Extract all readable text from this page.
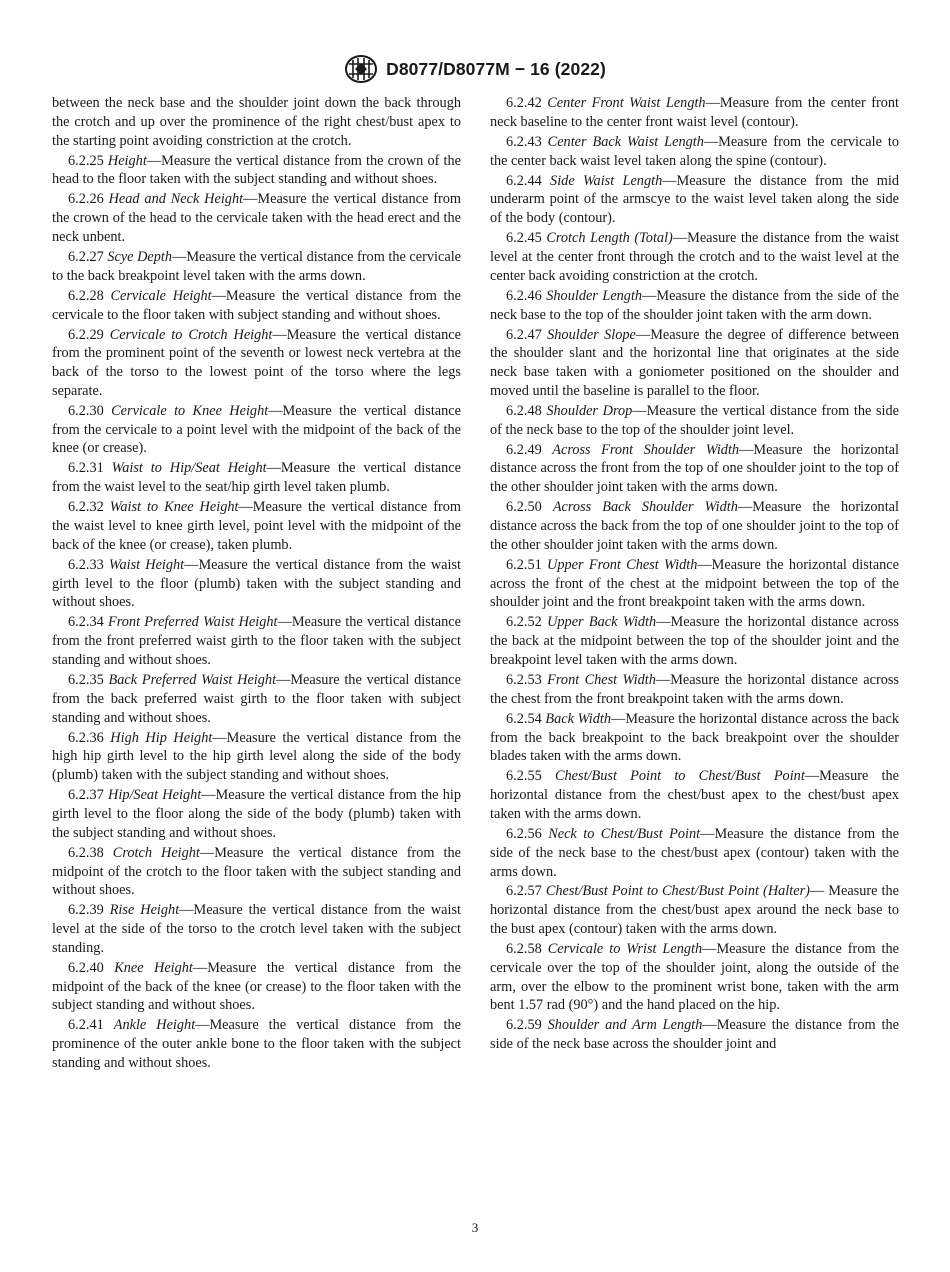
D8077/D8077M − 16 (2022)

between the neck base and the shoulder joint down the back through the crotch and up over the prominence of the right chest/bust apex to the starting point avoiding constriction at the crotch.

6.2.25 Height—Measure the vertical distance from the crown of the head to the floor taken with the subject standing and without shoes.

6.2.26 Head and Neck Height—Measure the vertical distance from the crown of the head to the cervicale taken with the head erect and the neck unbent.

6.2.27 Scye Depth—Measure the vertical distance from the cervicale to the back breakpoint level taken with the arms down.

6.2.28 Cervicale Height—Measure the vertical distance from the cervicale to the floor taken with subject standing and without shoes.

6.2.29 Cervicale to Crotch Height—Measure the vertical distance from the prominent point of the seventh or lowest neck vertebra at the back of the torso to the lowest point of the torso where the legs separate.

6.2.30 Cervicale to Knee Height—Measure the vertical distance from the cervicale to a point level with the midpoint of the back of the knee (or crease).

6.2.31 Waist to Hip/Seat Height—Measure the vertical distance from the waist level to the seat/hip girth level taken plumb.

6.2.32 Waist to Knee Height—Measure the vertical distance from the waist level to knee girth level, point level with the midpoint of the back of the knee (or crease), taken plumb.

6.2.33 Waist Height—Measure the vertical distance from the waist girth level to the floor (plumb) taken with the subject standing and without shoes.

6.2.34 Front Preferred Waist Height—Measure the vertical distance from the front preferred waist girth to the floor taken with the subject standing and without shoes.

6.2.35 Back Preferred Waist Height—Measure the vertical distance from the back preferred waist girth to the floor taken with subject standing and without shoes.

6.2.36 High Hip Height—Measure the vertical distance from the high hip girth level to the hip girth level along the side of the body (plumb) taken with the subject standing and without shoes.

6.2.37 Hip/Seat Height—Measure the vertical distance from the hip girth level to the floor along the side of the body (plumb) taken with the subject standing and without shoes.

6.2.38 Crotch Height—Measure the vertical distance from the midpoint of the crotch to the floor taken with the subject standing and without shoes.

6.2.39 Rise Height—Measure the vertical distance from the waist level at the side of the torso to the crotch level taken with the subject standing.

6.2.40 Knee Height—Measure the vertical distance from the midpoint of the back of the knee (or crease) to the floor taken with the subject standing and without shoes.

6.2.41 Ankle Height—Measure the vertical distance from the prominence of the outer ankle bone to the floor taken with the subject standing and without shoes.

6.2.42 Center Front Waist Length—Measure from the center front neck baseline to the center front waist level (contour).

6.2.43 Center Back Waist Length—Measure from the cervicale to the center back waist level taken along the spine (contour).

6.2.44 Side Waist Length—Measure the distance from the mid underarm point of the armscye to the waist level taken along the side of the body (contour).

6.2.45 Crotch Length (Total)—Measure the distance from the waist level at the center front through the crotch and to the waist level at the center back avoiding constriction at the crotch.

6.2.46 Shoulder Length—Measure the distance from the side of the neck base to the top of the shoulder joint taken with the arm down.

6.2.47 Shoulder Slope—Measure the degree of difference between the shoulder slant and the horizontal line that originates at the side neck base taken with a goniometer positioned on the shoulder and moved until the baseline is parallel to the floor.

6.2.48 Shoulder Drop—Measure the vertical distance from the side of the neck base to the top of the shoulder joint level.

6.2.49 Across Front Shoulder Width—Measure the horizontal distance across the front from the top of one shoulder joint to the top of the other shoulder joint taken with the arms down.

6.2.50 Across Back Shoulder Width—Measure the horizontal distance across the back from the top of one shoulder joint to the top of the other shoulder joint taken with the arms down.

6.2.51 Upper Front Chest Width—Measure the horizontal distance across the front of the chest at the midpoint between the top of the shoulder joint and the front breakpoint taken with the arms down.

6.2.52 Upper Back Width—Measure the horizontal distance across the back at the midpoint between the top of the shoulder joint and the breakpoint level taken with the arms down.

6.2.53 Front Chest Width—Measure the horizontal distance across the chest from the front breakpoint taken with the arms down.

6.2.54 Back Width—Measure the horizontal distance across the back from the back breakpoint to the back breakpoint over the shoulder blades taken with the arms down.

6.2.55 Chest/Bust Point to Chest/Bust Point—Measure the horizontal distance from the chest/bust apex to the chest/bust apex taken with the arms down.

6.2.56 Neck to Chest/Bust Point—Measure the distance from the side of the neck base to the chest/bust apex (contour) taken with the arms down.

6.2.57 Chest/Bust Point to Chest/Bust Point (Halter)— Measure the horizontal distance from the chest/bust apex around the neck base to the bust apex (contour) taken with the arms down.

6.2.58 Cervicale to Wrist Length—Measure the distance from the cervicale over the top of the shoulder joint, along the outside of the arm, over the elbow to the prominent wrist bone, taken with the arm bent 1.57 rad (90°) and the hand placed on the hip.

6.2.59 Shoulder and Arm Length—Measure the distance from the side of the neck base across the shoulder joint and

3
